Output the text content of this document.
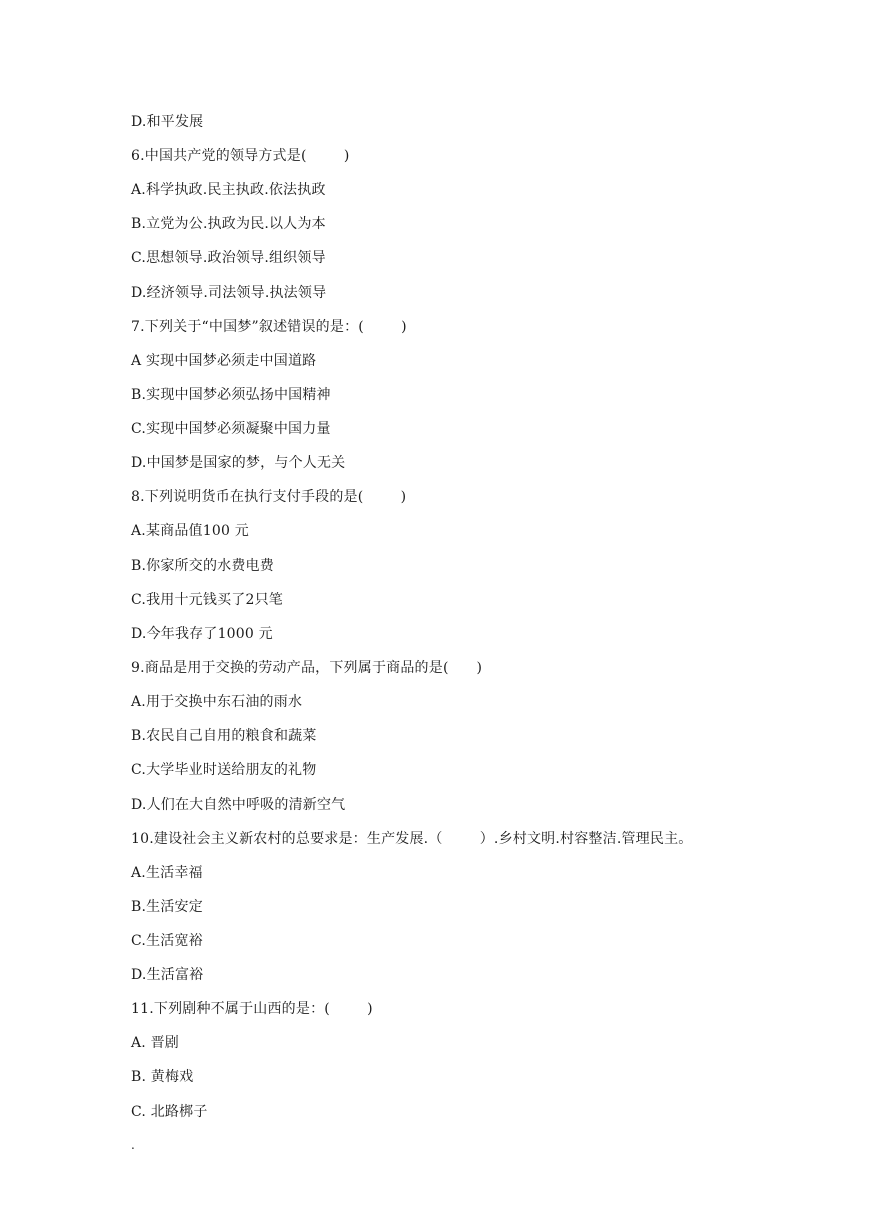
D.和平发展
6.中国共产党的领导方式是(        )
A.科学执政.民主执政.依法执政
B.立党为公.执政为民.以人为本
C.思想领导.政治领导.组织领导
D.经济领导.司法领导.执法领导
7.下列关于“中国梦”叙述错误的是：(        )
A 实现中国梦必须走中国道路
B.实现中国梦必须弘扬中国精神
C.实现中国梦必须凝聚中国力量
D.中国梦是国家的梦，与个人无关
8.下列说明货币在执行支付手段的是(        )
A.某商品值100 元
B.你家所交的水费电费
C.我用十元钱买了2只笔
D.今年我存了1000 元
9.商品是用于交换的劳动产品，下列属于商品的是(      )
A.用于交换中东石油的雨水
B.农民自己自用的粮食和蔬菜
C.大学毕业时送给朋友的礼物
D.人们在大自然中呼吸的清新空气
10.建设社会主义新农村的总要求是：生产发展.（        ）.乡村文明.村容整洁.管理民主。
A.生活幸福
B.生活安定
C.生活宽裕
D.生活富裕
11.下列剧种不属于山西的是：(        )
A. 晋剧
B. 黄梅戏
C. 北路梆子
.
